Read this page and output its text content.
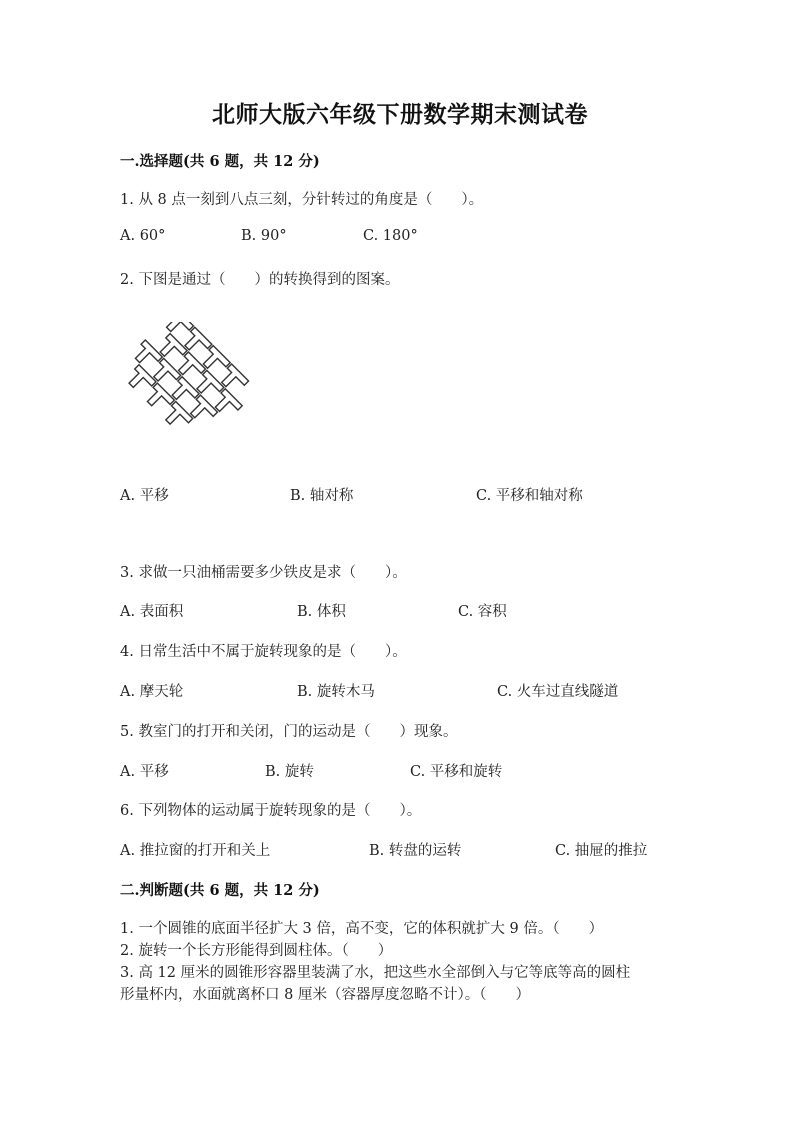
北师大版六年级下册数学期末测试卷
一.选择题(共 6 题，共 12 分)
1. 从 8 点一刻到八点三刻，分针转过的角度是（　　）。
A. 60°	B. 90°	C. 180°
2. 下图是通过（　　）的转换得到的图案。
A. 平移	B. 轴对称	C. 平移和轴对称
3. 求做一只油桶需要多少铁皮是求（　　）。
A. 表面积	B. 体积	C. 容积
4. 日常生活中不属于旋转现象的是（　　）。
A. 摩天轮	B. 旋转木马	C. 火车过直线隧道
5. 教室门的打开和关闭，门的运动是（　　）现象。
A. 平移	B. 旋转	C. 平移和旋转
6. 下列物体的运动属于旋转现象的是（　　）。
A. 推拉窗的打开和关上	B. 转盘的运转	C. 抽屉的推拉
二.判断题(共 6 题，共 12 分)
1. 一个圆锥的底面半径扩大 3 倍，高不变，它的体积就扩大 9 倍。（　　）
2. 旋转一个长方形能得到圆柱体。（　　）
3. 高 12 厘米的圆锥形容器里装满了水，把这些水全部倒入与它等底等高的圆柱
形量杯内，水面就离杯口 8 厘米（容器厚度忽略不计）。（　　）
